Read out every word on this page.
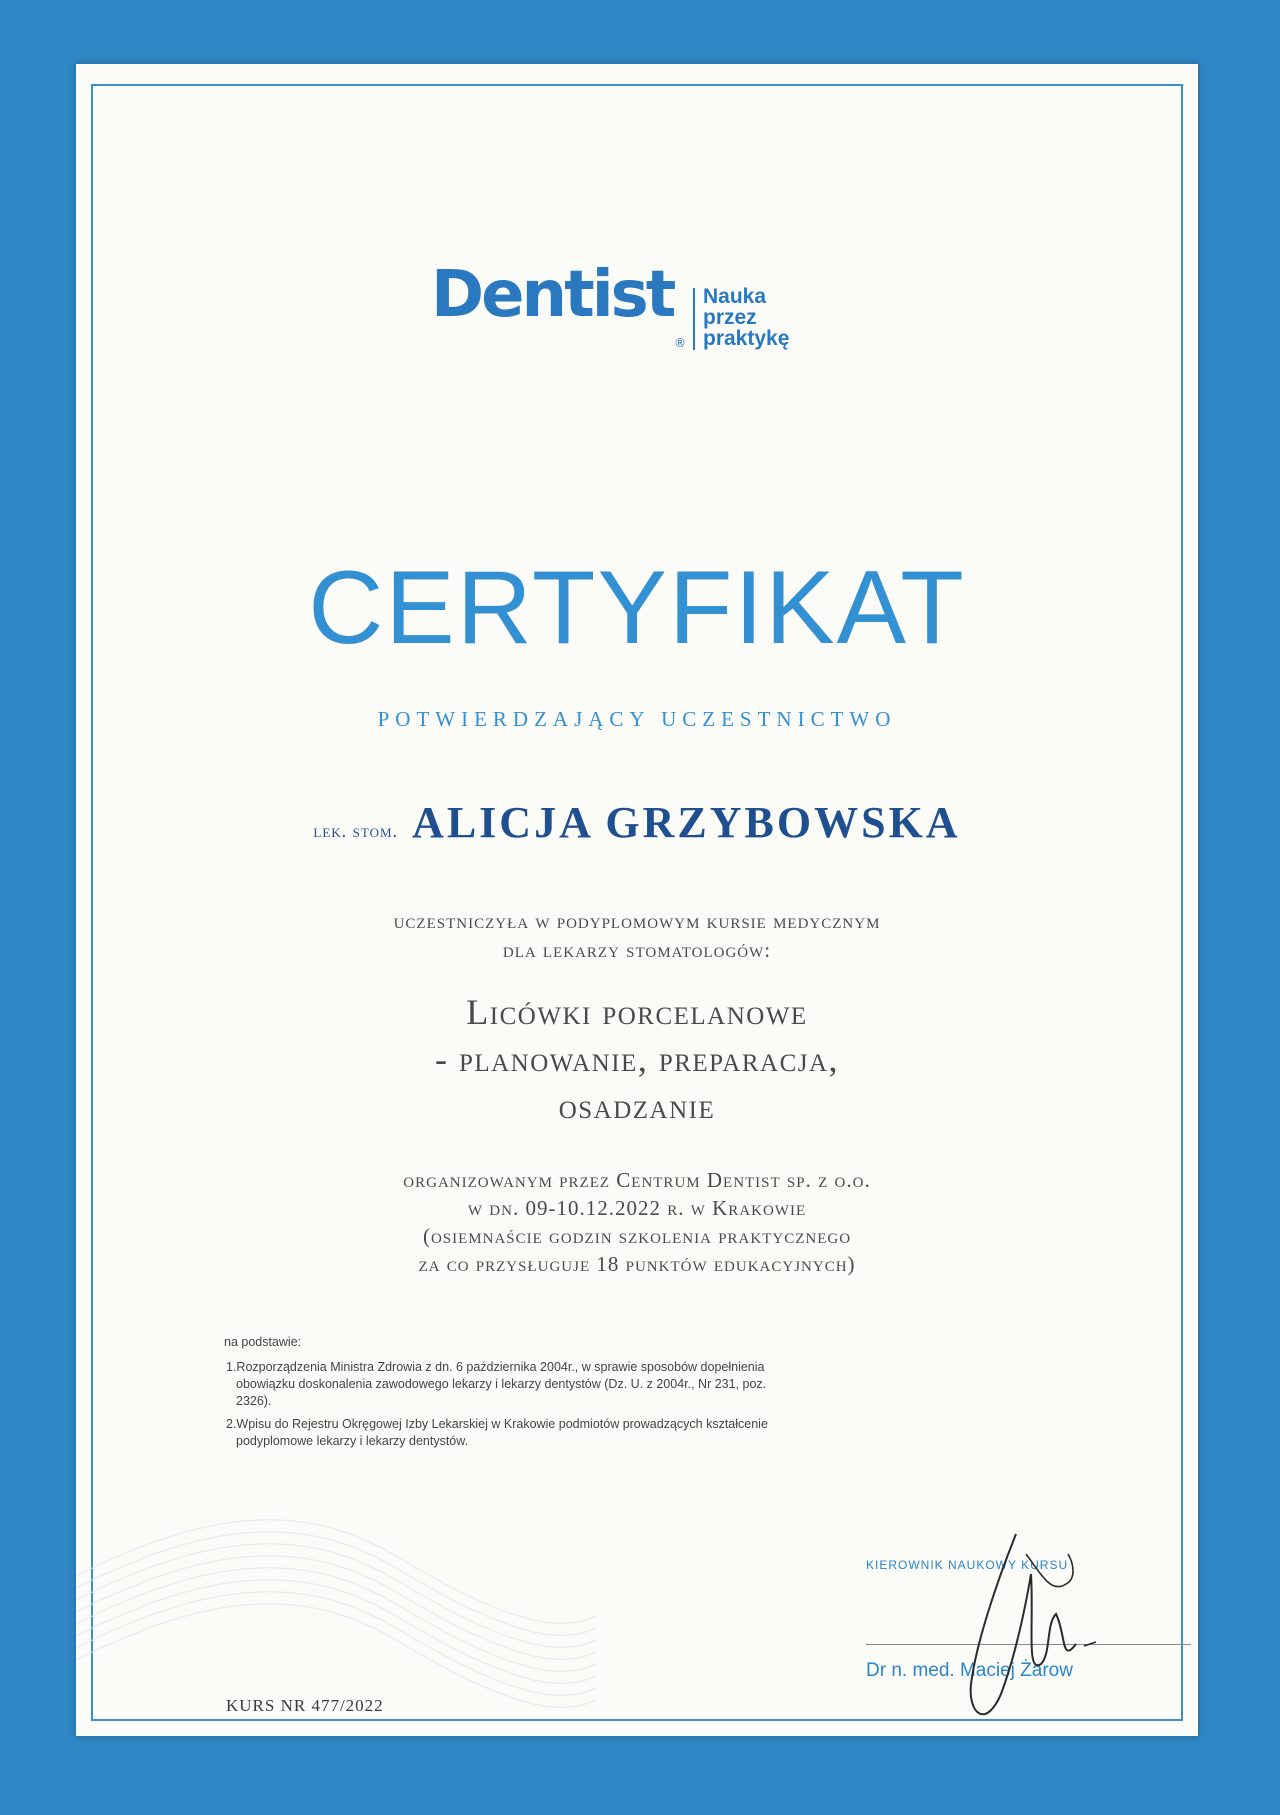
Dentist
®
Nauka
przez
praktykę
CERTYFIKAT
POTWIERDZAJĄCY UCZESTNICTWO
lek. stom. ALICJA GRZYBOWSKA
uczestniczyła w podyplomowym kursie medycznym
dla lekarzy stomatologów:
Licówki porcelanowe
- planowanie, preparacja,
osadzanie
organizowanym przez Centrum Dentist sp. z o.o.
w dn. 09-10.12.2022 r. w Krakowie
(osiemnaście godzin szkolenia praktycznego
za co przysługuje 18 punktów edukacyjnych)
na podstawie:
1.Rozporządzenia Ministra Zdrowia z dn. 6 października 2004r., w sprawie sposobów dopełnienia obowiązku doskonalenia zawodowego lekarzy i lekarzy dentystów (Dz. U. z 2004r., Nr 231, poz. 2326).
2.Wpisu do Rejestru Okręgowej Izby Lekarskiej w Krakowie podmiotów prowadzących kształcenie podyplomowe lekarzy i lekarzy dentystów.
KIEROWNIK NAUKOWY KURSU
Dr n. med. Maciej Żarow
KURS NR 477/2022
